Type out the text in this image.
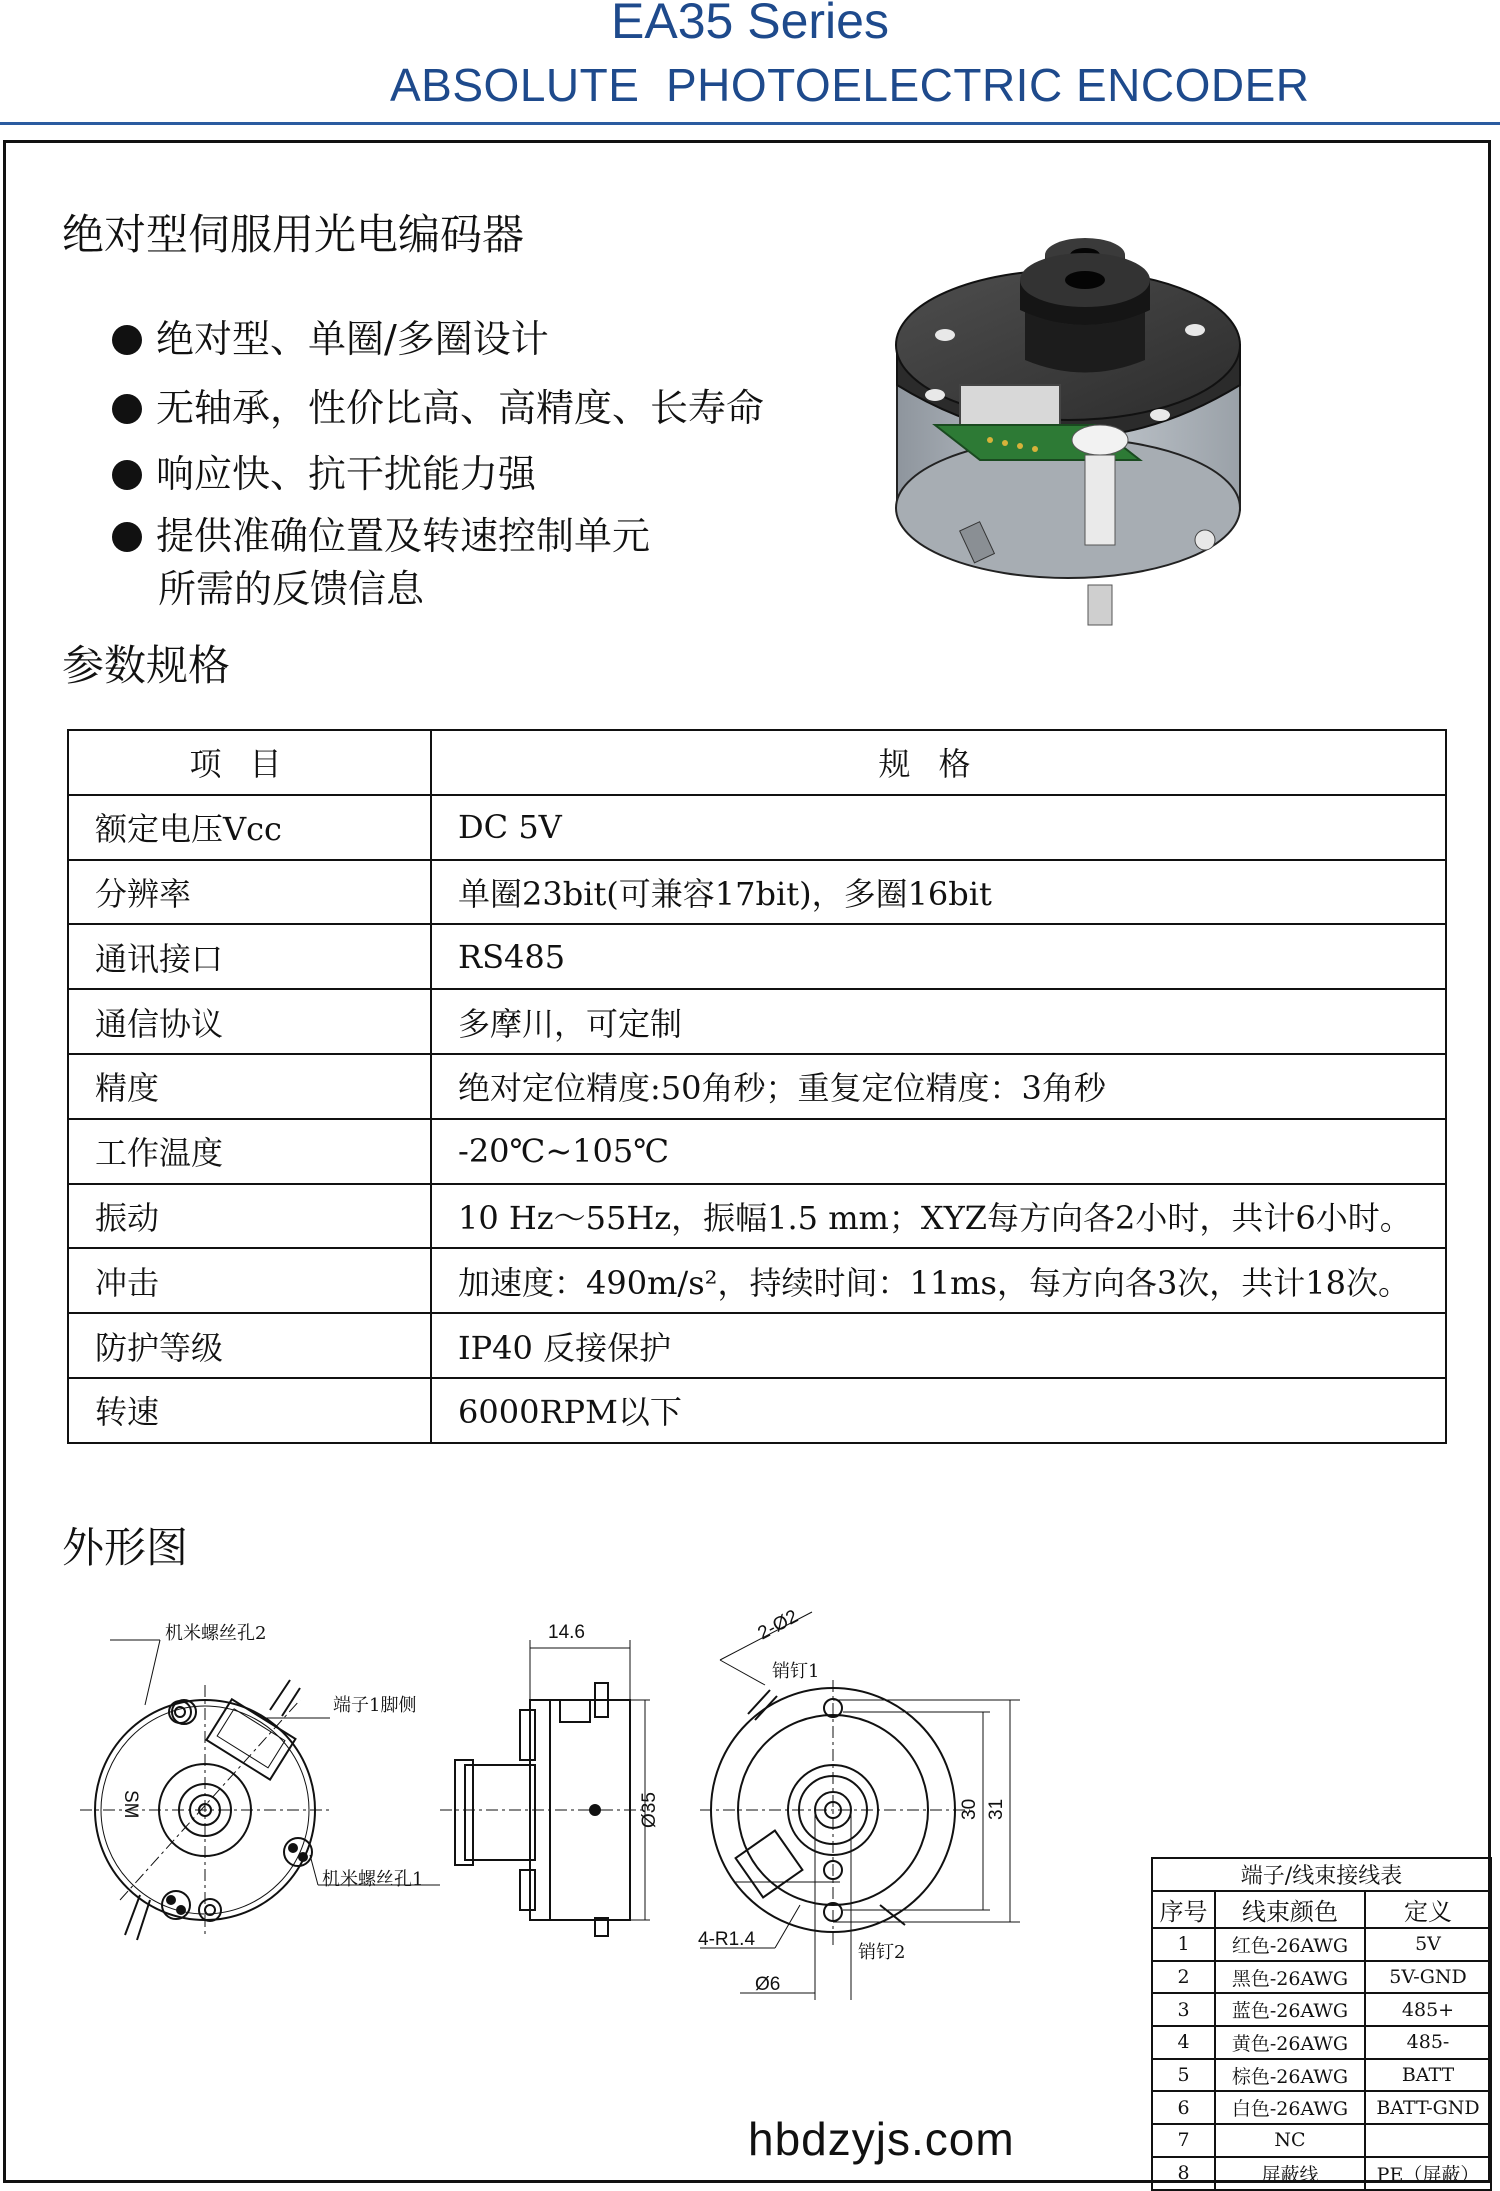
EA35 Series
ABSOLUTE  PHOTOELECTRIC ENCODER
绝对型伺服用光电编码器
绝对型、单圈/多圈设计
无轴承，性价比高、高精度、长寿命
响应快、抗干扰能力强
提供准确位置及转速控制单元
所需的反馈信息
参数规格
项目	规格
额定电压Vcc	DC 5V
分辨率	单圈23bit(可兼容17bit)，多圈16bit
通讯接口	RS485
通信协议	多摩川，可定制
精度	绝对定位精度:50角秒；重复定位精度：3角秒
工作温度	-20℃~105℃
振动	10 Hz～55Hz，振幅1.5 mm；XYZ每方向各2小时，共计6小时。
冲击	加速度：490m/s²，持续时间：11ms，每方向各3次，共计18次。
防护等级	IP40 反接保护
转速	6000RPM以下
外形图
机米螺丝孔2
端子1脚侧
机米螺丝孔1
SM
14.6
Ø35
2-Ø2
销钉1
销钉2
30 31
4-R1.4
Ø6
端子/线束接线表		
序号	线束颜色	定义
1	红色-26AWG	5V
2	黑色-26AWG	5V-GND
3	蓝色-26AWG	485+
4	黄色-26AWG	485-
5	棕色-26AWG	BATT
6	白色-26AWG	BATT-GND
7	NC	
8	屏蔽线	PE（屏蔽）
hbdzyjs.com
